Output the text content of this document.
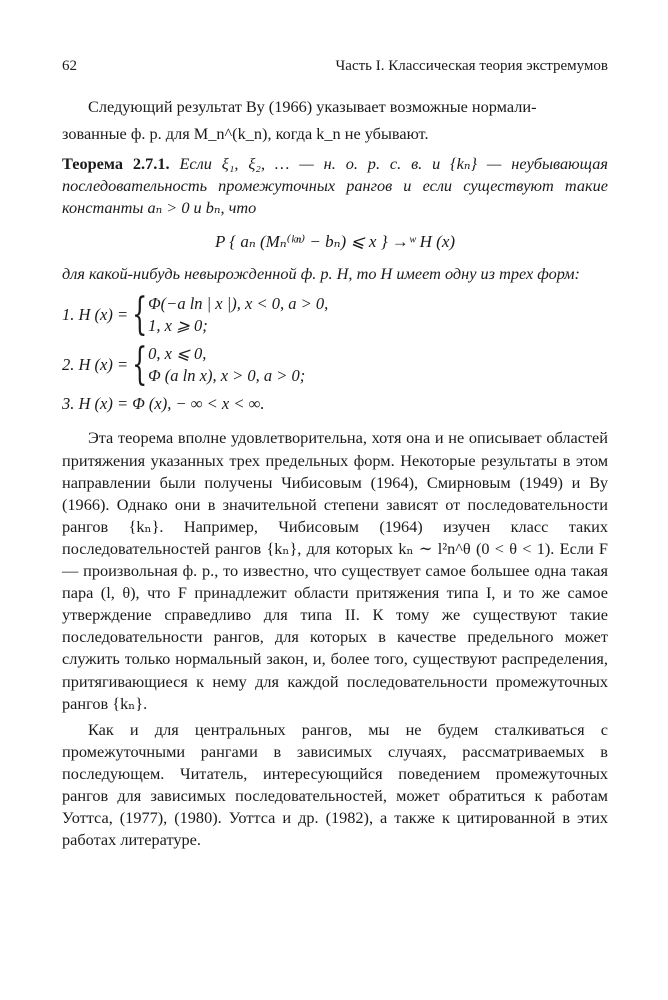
62	Часть I. Классическая теория экстремумов

Следующий результат Ву (1966) указывает возможные нормали-
зованные ф. р. для M_n^(k_n), когда k_n не убывают.

Теорема 2.7.1. Если ξ₁, ξ₂, … — н. о. р. с. в. и {kₙ} — неубывающая последовательность промежуточных рангов и если существуют такие константы aₙ > 0 и bₙ, что

P { aₙ (Mₙ⁽ᵏⁿ⁾ − bₙ) ⩽ x } →ʷ H (x)

для какой-нибудь невырожденной ф. р. H, то H имеет одну из трех форм:

1. H (x) = { Φ(−a ln | x |), x < 0, a > 0,
1, x ⩾ 0;
2. H (x) = { 0, x ⩽ 0,
Φ (a ln x), x > 0, a > 0;
3. H (x) = Φ (x), − ∞ < x < ∞.

Эта теорема вполне удовлетворительна, хотя она и не описывает областей притяжения указанных трех предельных форм. Некоторые результаты в этом направлении были получены Чибисовым (1964), Смирновым (1949) и Ву (1966). Однако они в значительной степени зависят от последовательности рангов {kₙ}. Например, Чибисовым (1964) изучен класс таких последовательностей рангов {kₙ}, для которых kₙ ∼ l²n^θ (0 < θ < 1). Если F — произвольная ф. р., то известно, что существует самое большее одна такая пара (l, θ), что F принадлежит области притяжения типа I, и то же самое утверждение справедливо для типа II. К тому же существуют такие последовательности рангов, для которых в качестве предельного может служить только нормальный закон, и, более того, существуют распределения, притягивающиеся к нему для каждой последовательности промежуточных рангов {kₙ}.

Как и для центральных рангов, мы не будем сталкиваться с промежуточными рангами в зависимых случаях, рассматриваемых в последующем. Читатель, интересующийся поведением промежуточных рангов для зависимых последовательностей, может обратиться к работам Уоттса, (1977), (1980). Уоттса и др. (1982), а также к цитированной в этих работах литературе.
